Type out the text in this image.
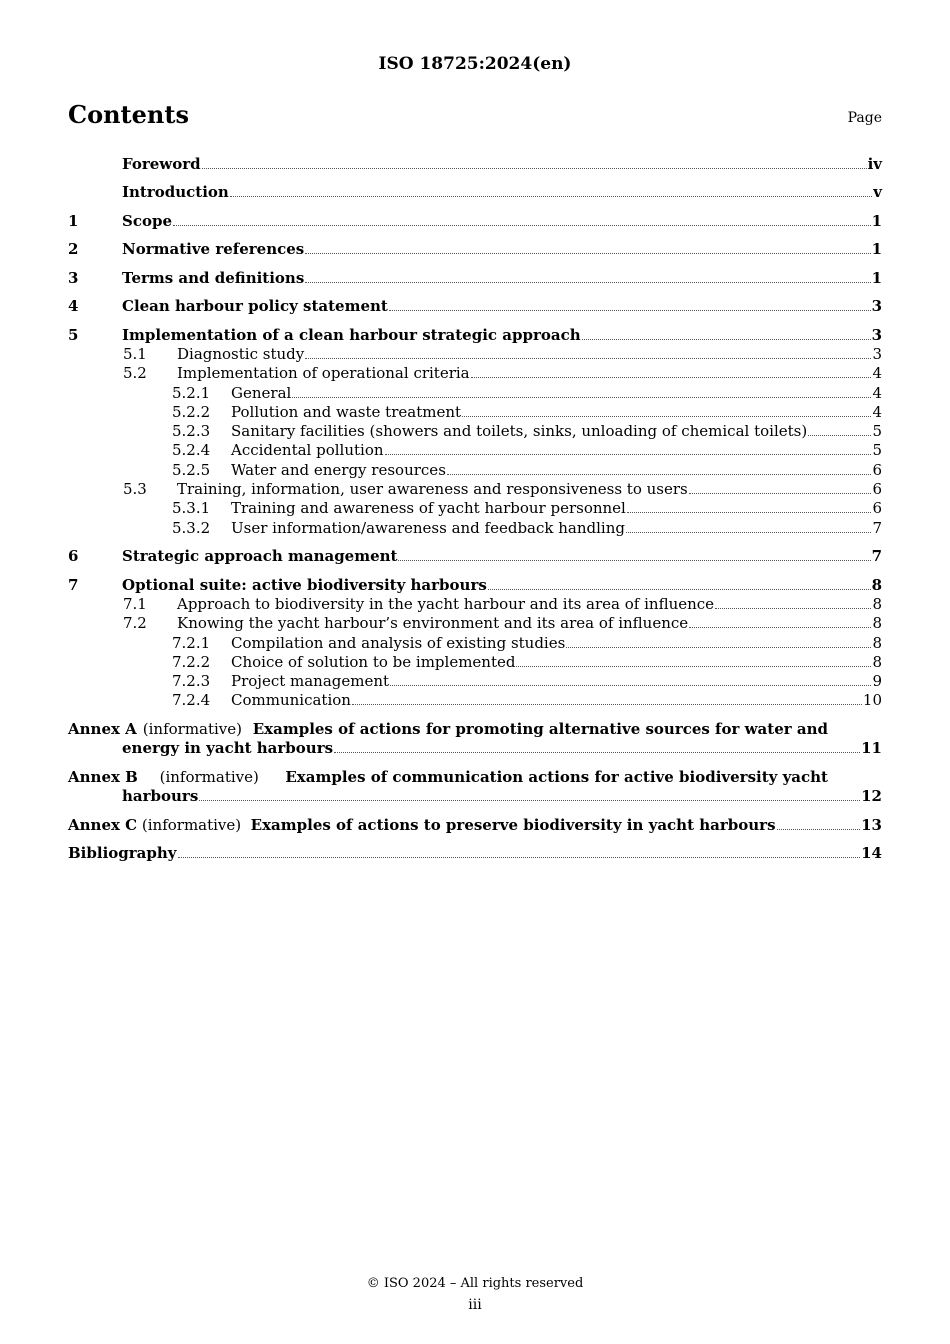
ISO 18725:2024(en)
Contents	Page
Foreword	iv
Introduction	v
1	Scope	1
2	Normative references	1
3	Terms and definitions	1
4	Clean harbour policy statement	3
5	Implementation of a clean harbour strategic approach	3
5.1	Diagnostic study	3
5.2	Implementation of operational criteria	4
5.2.1	General	4
5.2.2	Pollution and waste treatment	4
5.2.3	Sanitary facilities (showers and toilets, sinks, unloading of chemical toilets)	5
5.2.4	Accidental pollution	5
5.2.5	Water and energy resources	6
5.3	Training, information, user awareness and responsiveness to users	6
5.3.1	Training and awareness of yacht harbour personnel	6
5.3.2	User information/awareness and feedback handling	7
6	Strategic approach management	7
7	Optional suite: active biodiversity harbours	8
7.1	Approach to biodiversity in the yacht harbour and its area of influence	8
7.2	Knowing the yacht harbour’s environment and its area of influence	8
7.2.1	Compilation and analysis of existing studies	8
7.2.2	Choice of solution to be implemented	8
7.2.3	Project management	9
7.2.4	Communication	10
Annex A (informative) Examples of actions for promoting alternative sources for water and
energy in yacht harbours	11
Annex B (informative) Examples of communication actions for active biodiversity yacht
harbours	12
Annex C (informative) Examples of actions to preserve biodiversity in yacht harbours	13
Bibliography	14
© ISO 2024 – All rights reserved
iii
